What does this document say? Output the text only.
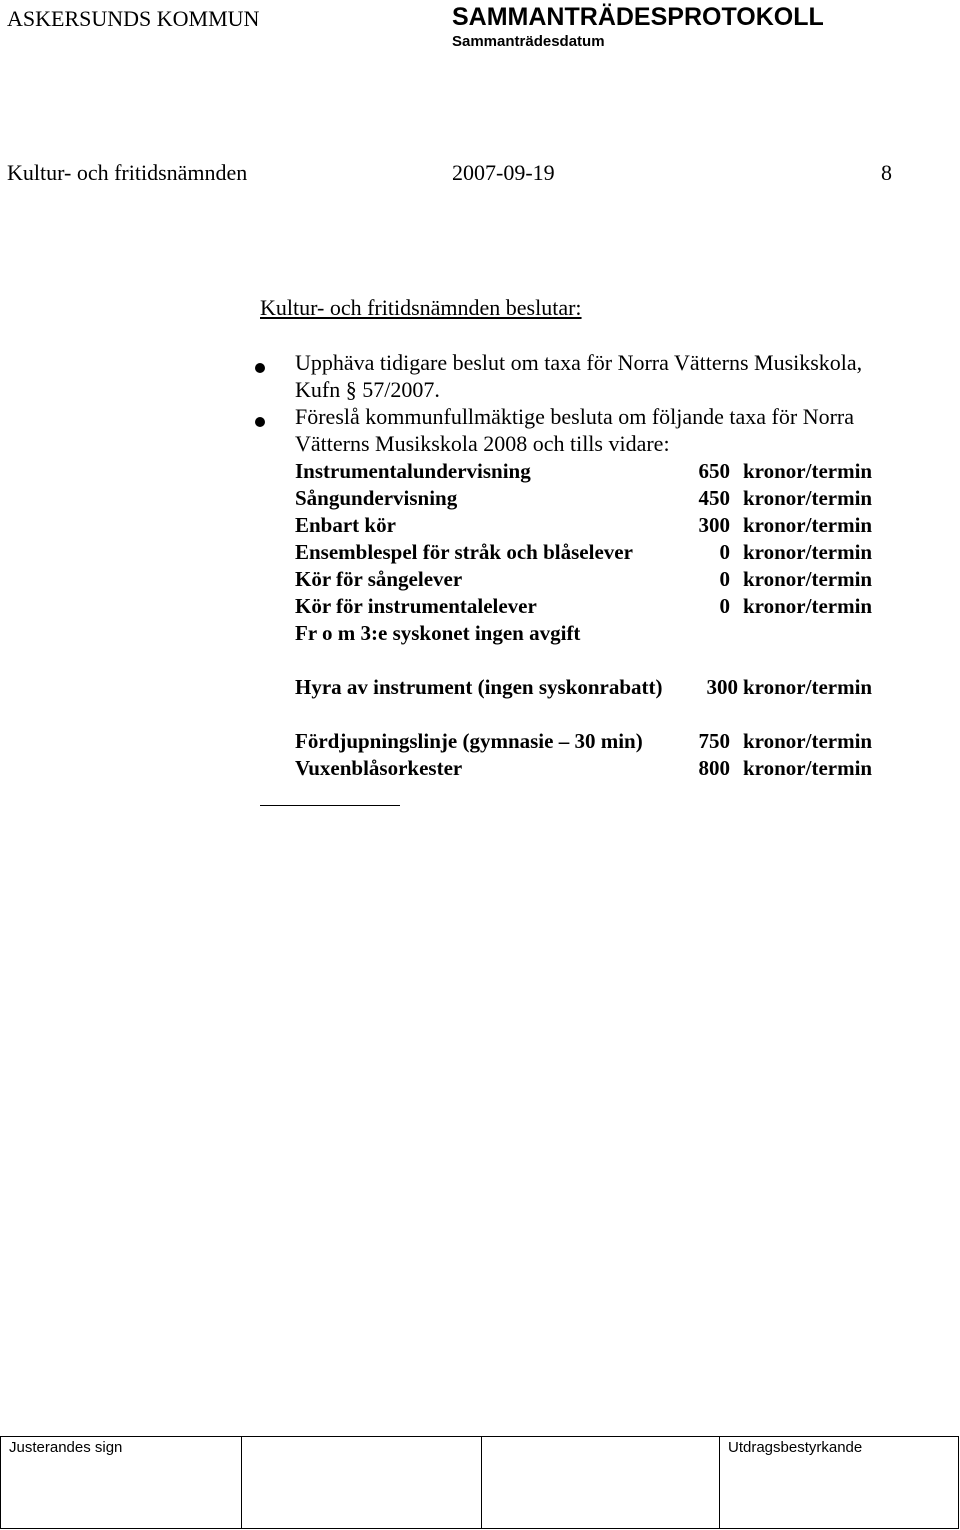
ASKERSUNDS KOMMUN	SAMMANTRÄDESPROTOKOLL
Sammanträdesdatum
Kultur- och fritidsnämnden	2007-09-19	8
Kultur- och fritidsnämnden beslutar:
Upphäva tidigare beslut om taxa för Norra Vätterns Musikskola,
Kufn § 57/2007.
Föreslå kommunfullmäktige besluta om följande taxa för Norra
Vätterns Musikskola 2008 och tills vidare:
Instrumentalundervisning	650 kronor/termin
Sångundervisning	450 kronor/termin
Enbart kör	300 kronor/termin
Ensemblespel för stråk och blåselever	0 kronor/termin
Kör för sångelever	0 kronor/termin
Kör för instrumentalelever	0 kronor/termin
Fr o m 3:e syskonet ingen avgift
Hyra av instrument (ingen syskonrabatt) 300 kronor/termin
Fördjupningslinje (gymnasie – 30 min)	750 kronor/termin
Vuxenblåsorkester	800 kronor/termin
Justerandes sign	Utdragsbestyrkande
